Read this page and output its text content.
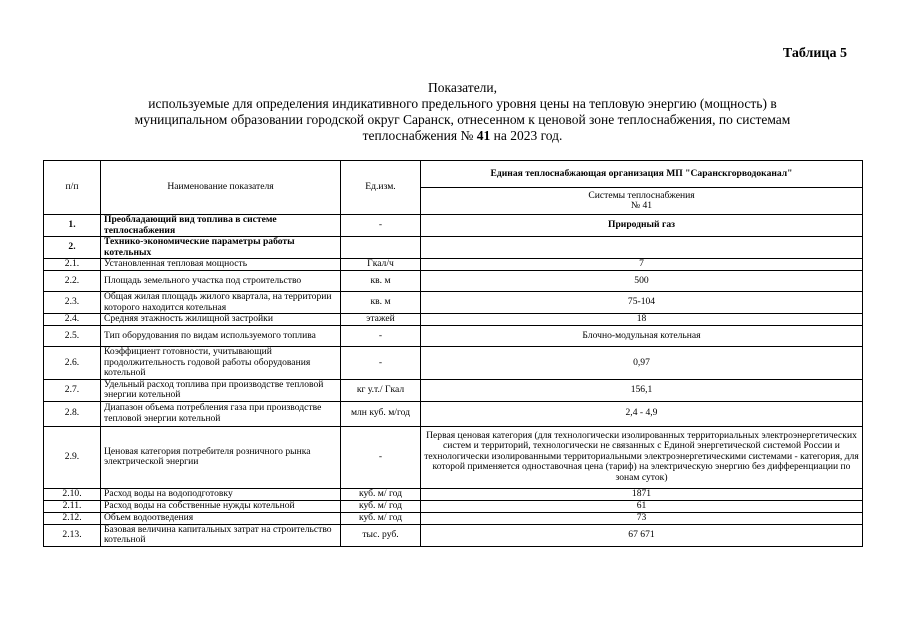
Таблица 5
Показатели,
используемые для определения индикативного предельного уровня цены на тепловую энергию (мощность) в
муниципальном образовании городской округ Саранск, отнесенном к ценовой зоне теплоснабжения, по системам
теплоснабжения № 41 на 2023 год.
п/п	Наименование показателя	Ед.изм.	Единая теплоснабжающая организация МП "Саранскгорводоканал"

			Системы теплоснабжения
№ 41

1.	Преобладающий вид топлива в системе теплоснабжения	-	Природный газ
2.	Технико-экономические параметры работы котельных		
2.1.	Установленная тепловая мощность	Гкал/ч	7
2.2.	Площадь земельного участка под строительство	кв. м	500
2.3.	Общая жилая площадь жилого квартала, на территории которого находится котельная	кв. м	75-104
2.4.	Средняя этажность жилищной застройки	этажей	18
2.5.	Тип оборудования по видам используемого топлива	-	Блочно-модульная котельная
2.6.	Коэффициент готовности, учитывающий продолжительность годовой работы оборудования котельной	-	0,97
2.7.	Удельный расход топлива при производстве тепловой энергии котельной	кг у.т./ Гкал	156,1
2.8.	Диапазон объема потребления газа при производстве тепловой энергии котельной	млн куб. м/год	2,4 - 4,9
2.9.	Ценовая категория потребителя розничного рынка электрической энергии	-	Первая ценовая категория (для технологически изолированных территориальных электроэнергетических систем и территорий, технологически не связанных с Единой энергетической системой России и технологически изолированными территориальными электроэнергетическими системами - категория, для которой применяется одноставочная цена (тариф) на электрическую энергию без дифференциации по зонам суток)
2.10.	Расход воды на водоподготовку	куб. м/ год	1871
2.11.	Расход воды на собственные нужды котельной	куб. м/ год	61
2.12.	Объем водоотведения	куб. м/ год	73
2.13.	Базовая величина капитальных затрат на строительство котельной	тыс. руб.	67 671
